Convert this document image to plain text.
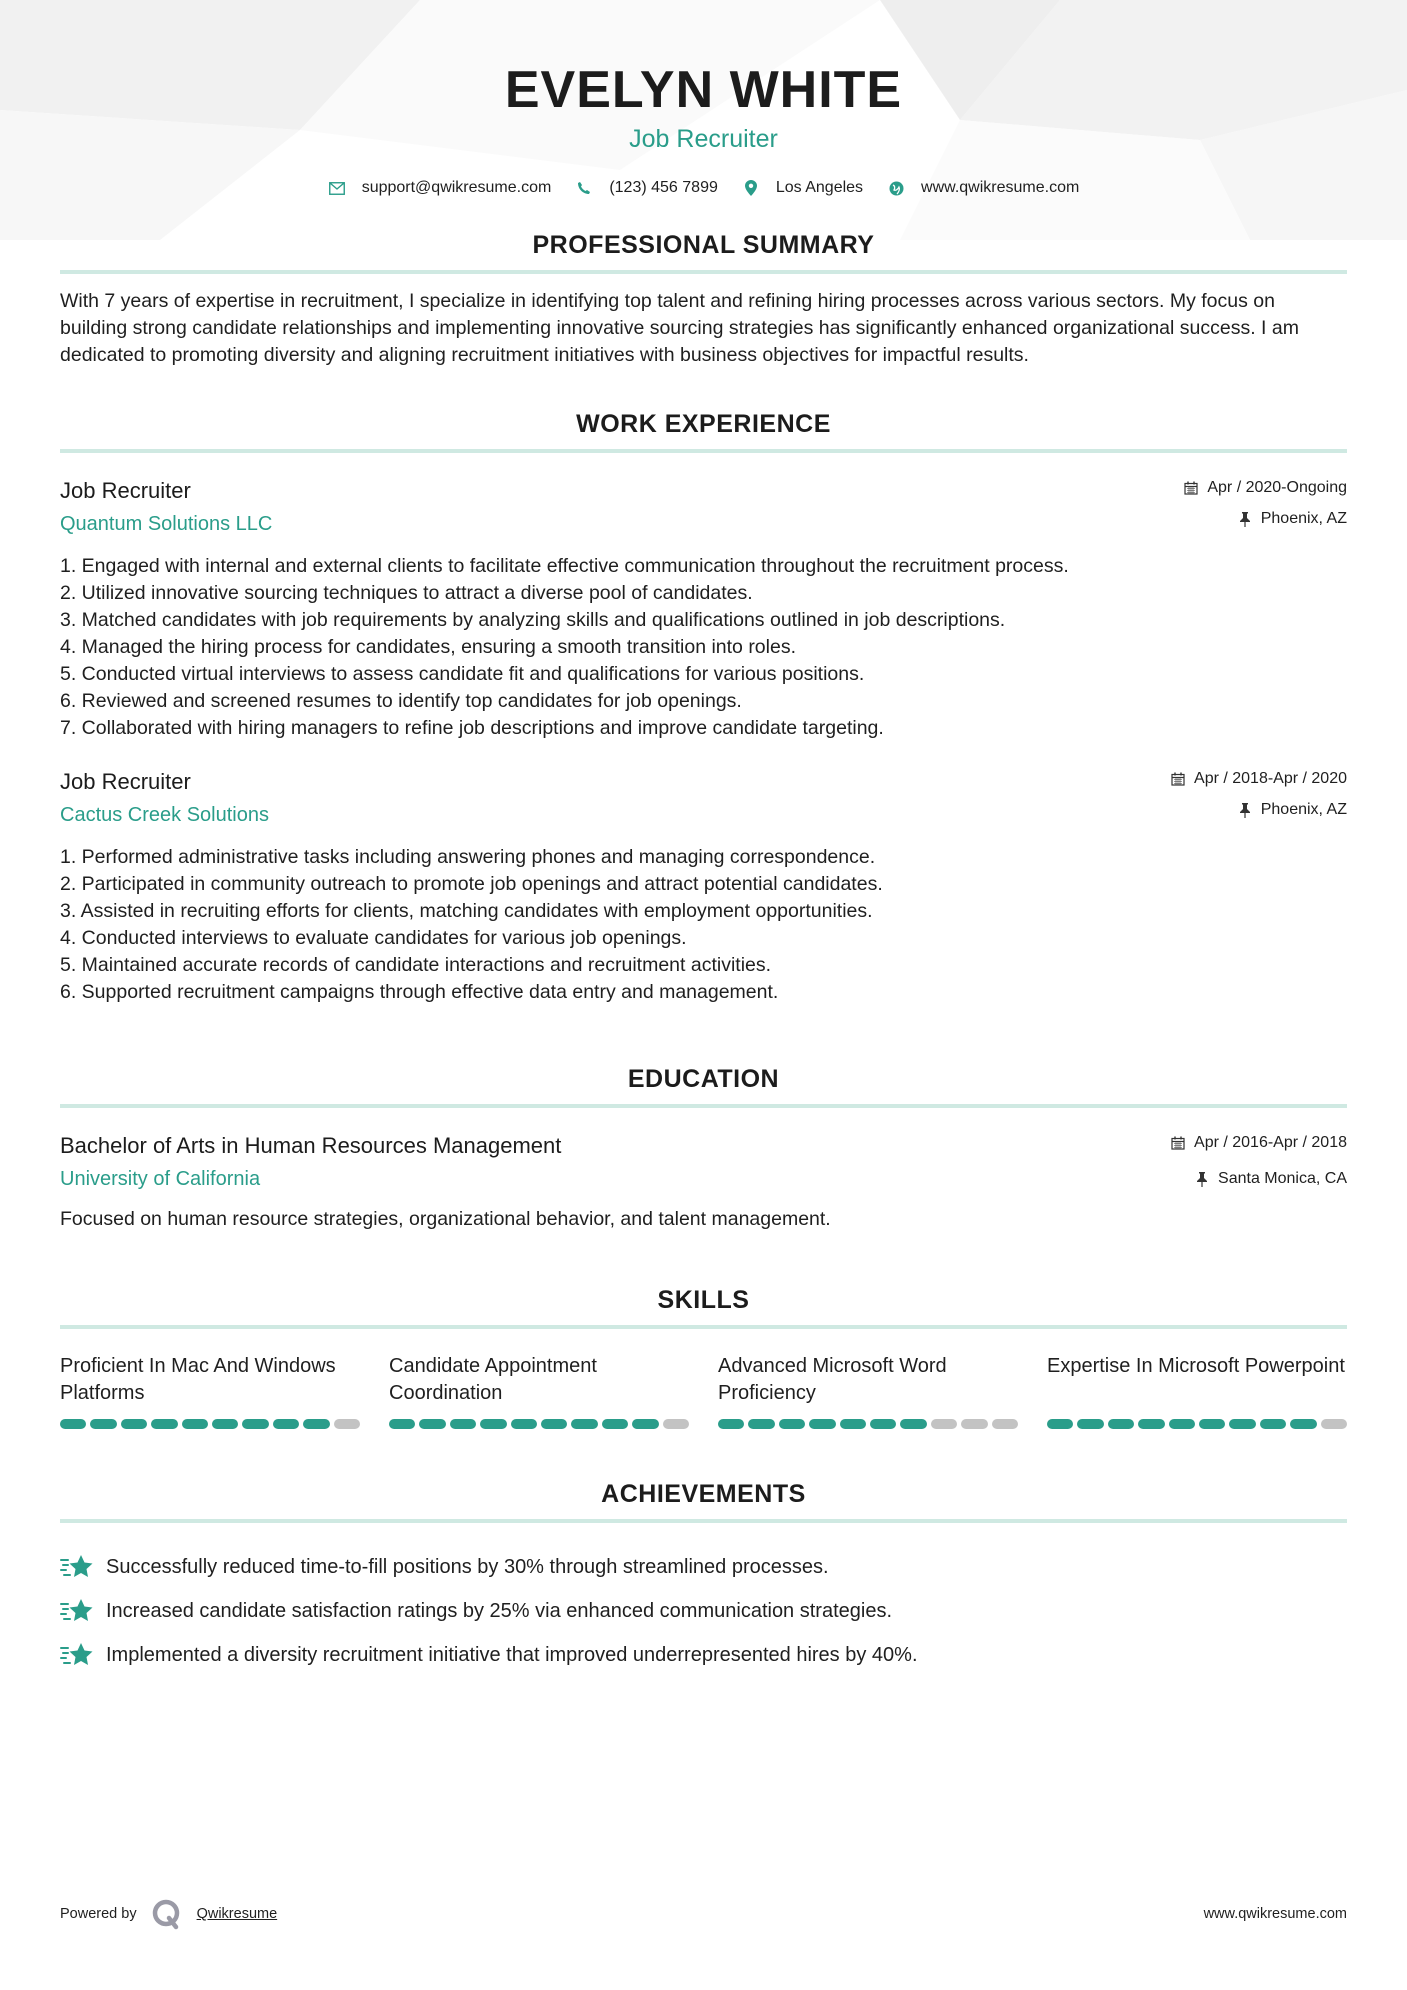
EVELYN WHITE
Job Recruiter
support@qwikresume.com	(123) 456 7899	Los Angeles	www.qwikresume.com
PROFESSIONAL SUMMARY

With 7 years of expertise in recruitment, I specialize in identifying top talent and refining hiring processes across various sectors. My focus on building strong candidate relationships and implementing innovative sourcing strategies has significantly enhanced organizational success. I am dedicated to promoting diversity and aligning recruitment initiatives with business objectives for impactful results.

WORK EXPERIENCE
Job Recruiter
Quantum Solutions LLC
Apr / 2020-Ongoing
Phoenix, AZ
1. Engaged with internal and external clients to facilitate effective communication throughout the recruitment process.
2. Utilized innovative sourcing techniques to attract a diverse pool of candidates.
3. Matched candidates with job requirements by analyzing skills and qualifications outlined in job descriptions.
4. Managed the hiring process for candidates, ensuring a smooth transition into roles.
5. Conducted virtual interviews to assess candidate fit and qualifications for various positions.
6. Reviewed and screened resumes to identify top candidates for job openings.
7. Collaborated with hiring managers to refine job descriptions and improve candidate targeting.
Job Recruiter
Cactus Creek Solutions
Apr / 2018-Apr / 2020
Phoenix, AZ
1. Performed administrative tasks including answering phones and managing correspondence.
2. Participated in community outreach to promote job openings and attract potential candidates.
3. Assisted in recruiting efforts for clients, matching candidates with employment opportunities.
4. Conducted interviews to evaluate candidates for various job openings.
5. Maintained accurate records of candidate interactions and recruitment activities.
6. Supported recruitment campaigns through effective data entry and management.
EDUCATION
Bachelor of Arts in Human Resources Management
University of California
Apr / 2016-Apr / 2018
Santa Monica, CA

Focused on human resource strategies, organizational behavior, and talent management.

SKILLS
Proficient In Mac And Windows Platforms
Candidate Appointment Coordination
Advanced Microsoft Word Proficiency
Expertise In Microsoft Powerpoint
ACHIEVEMENTS
Successfully reduced time-to-fill positions by 30% through streamlined processes.
Increased candidate satisfaction ratings by 25% via enhanced communication strategies.
Implemented a diversity recruitment initiative that improved underrepresented hires by 40%.
Powered by	Qwikresume	www.qwikresume.com
